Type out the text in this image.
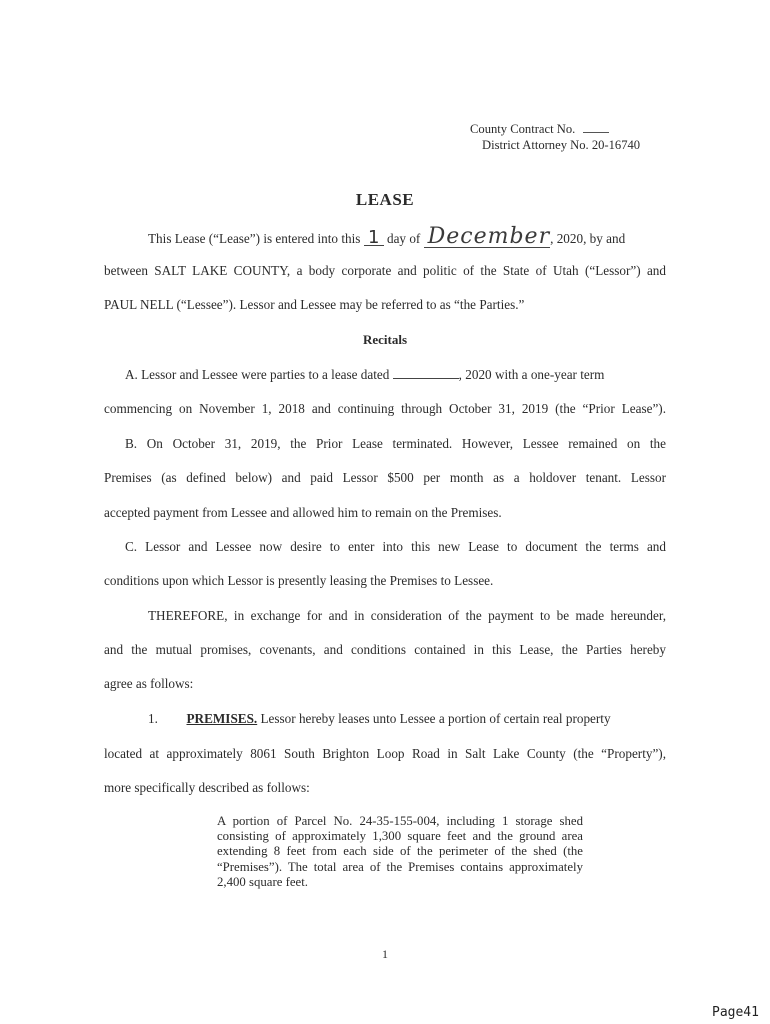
County Contract No.
District Attorney No. 20-16740
LEASE
This Lease (“Lease”) is entered into this 1 day of December, 2020, by and
between SALT LAKE COUNTY, a body corporate and politic of the State of Utah (“Lessor”) and
PAUL NELL (“Lessee”). Lessor and Lessee may be referred to as “the Parties.”
Recitals
A. Lessor and Lessee were parties to a lease dated	, 2020 with a one-year term
commencing on November 1, 2018 and continuing through October 31, 2019 (the “Prior Lease”).
B. On October 31, 2019, the Prior Lease terminated. However, Lessee remained on the
Premises (as defined below) and paid Lessor $500 per month as a holdover tenant. Lessor
accepted payment from Lessee and allowed him to remain on the Premises.
C. Lessor and Lessee now desire to enter into this new Lease to document the terms and
conditions upon which Lessor is presently leasing the Premises to Lessee.
THEREFORE, in exchange for and in consideration of the payment to be made hereunder,
and the mutual promises, covenants, and conditions contained in this Lease, the Parties hereby
agree as follows:
1. PREMISES. Lessor hereby leases unto Lessee a portion of certain real property
located at approximately 8061 South Brighton Loop Road in Salt Lake County (the “Property”),
more specifically described as follows:
A portion of Parcel No. 24-35-155-004, including 1 storage shed
consisting of approximately 1,300 square feet and the ground area
extending 8 feet from each side of the perimeter of the shed (the
“Premises”). The total area of the Premises contains approximately
2,400 square feet.
1
Page41
